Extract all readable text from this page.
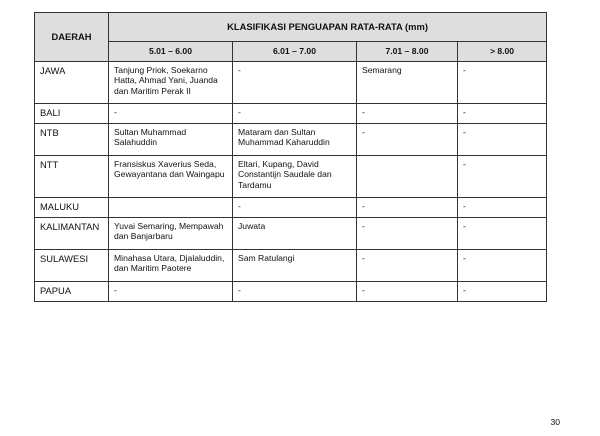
DAERAH	KLASIFIKASI PENGUAPAN RATA-RATA (mm)			
	5.01 – 6.00	6.01 – 7.00	7.01 – 8.00	> 8.00
JAWA	Tanjung Priok, Soekarno Hatta, Ahmad Yani, Juanda dan Maritim Perak II	-	Semarang	-
BALI	-	-	-	-
NTB	Sultan Muhammad Salahuddin	Mataram dan Sultan Muhammad Kaharuddin	-	-
NTT	Fransiskus Xaverius Seda, Gewayantana dan Waingapu	Eltari, Kupang, David Constantijn Saudale dan Tardamu		-
MALUKU		-	-	-
KALIMANTAN	Yuvai Semaring, Mempawah dan Banjarbaru	Juwata	-	-
SULAWESI	Minahasa Utara, Djalaluddin, dan Maritim Paotere	Sam Ratulangi	-	-
PAPUA	-	-	-	-
30
